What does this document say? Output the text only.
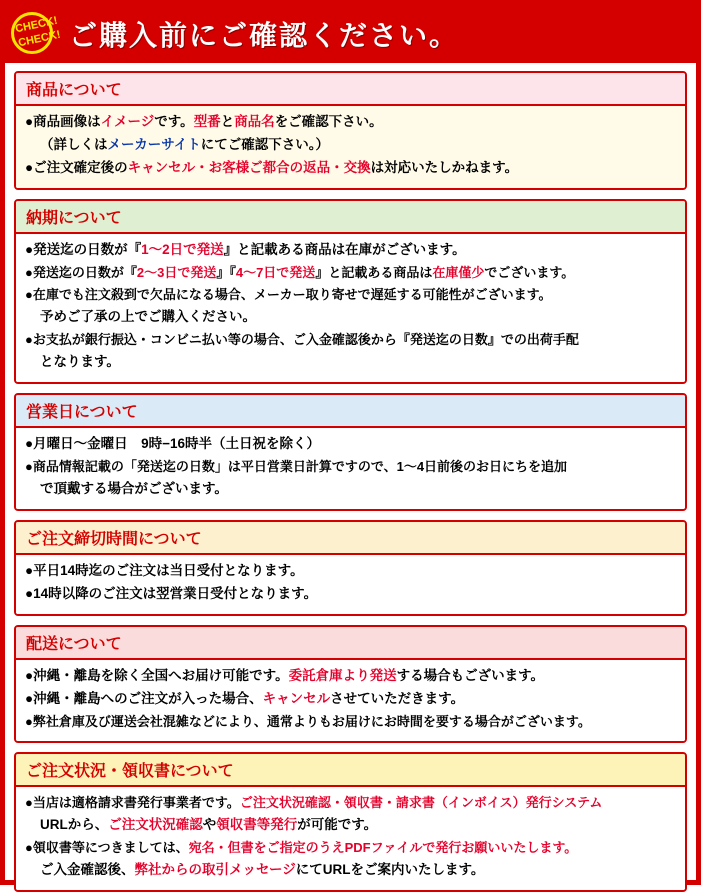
CHECK!
CHECK! ご購入前にご確認ください。
商品について
●商品画像はイメージです。型番と商品名をご確認下さい。
（詳しくはメーカーサイトにてご確認下さい。）
●ご注文確定後のキャンセル・お客様ご都合の返品・交換は対応いたしかねます。
納期について
●発送迄の日数が『1〜2日で発送』と記載ある商品は在庫がございます。
●発送迄の日数が『2〜3日で発送』『4〜7日で発送』と記載ある商品は在庫僅少でございます。
●在庫でも注文殺到で欠品になる場合、メーカー取り寄せで遅延する可能性がございます。
予めご了承の上でご購入ください。
●お支払が銀行振込・コンビニ払い等の場合、ご入金確認後から『発送迄の日数』での出荷手配
となります。
営業日について
●月曜日〜金曜日　9時−16時半（土日祝を除く）
●商品情報記載の「発送迄の日数」は平日営業日計算ですので、1〜4日前後のお日にちを追加
で頂戴する場合がございます。
ご注文締切時間について
●平日14時迄のご注文は当日受付となります。
●14時以降のご注文は翌営業日受付となります。
配送について
●沖縄・離島を除く全国へお届け可能です。委託倉庫より発送する場合もございます。
●沖縄・離島へのご注文が入った場合、キャンセルさせていただきます。
●弊社倉庫及び運送会社混雑などにより、通常よりもお届けにお時間を要する場合がございます。
ご注文状況・領収書について
●当店は適格請求書発行事業者です。ご注文状況確認・領収書・請求書（インボイス）発行システム
URLから、ご注文状況確認や領収書等発行が可能です。
●領収書等につきましては、宛名・但書をご指定のうえPDFファイルで発行お願いいたします。
ご入金確認後、弊社からの取引メッセージにてURLをご案内いたします。
